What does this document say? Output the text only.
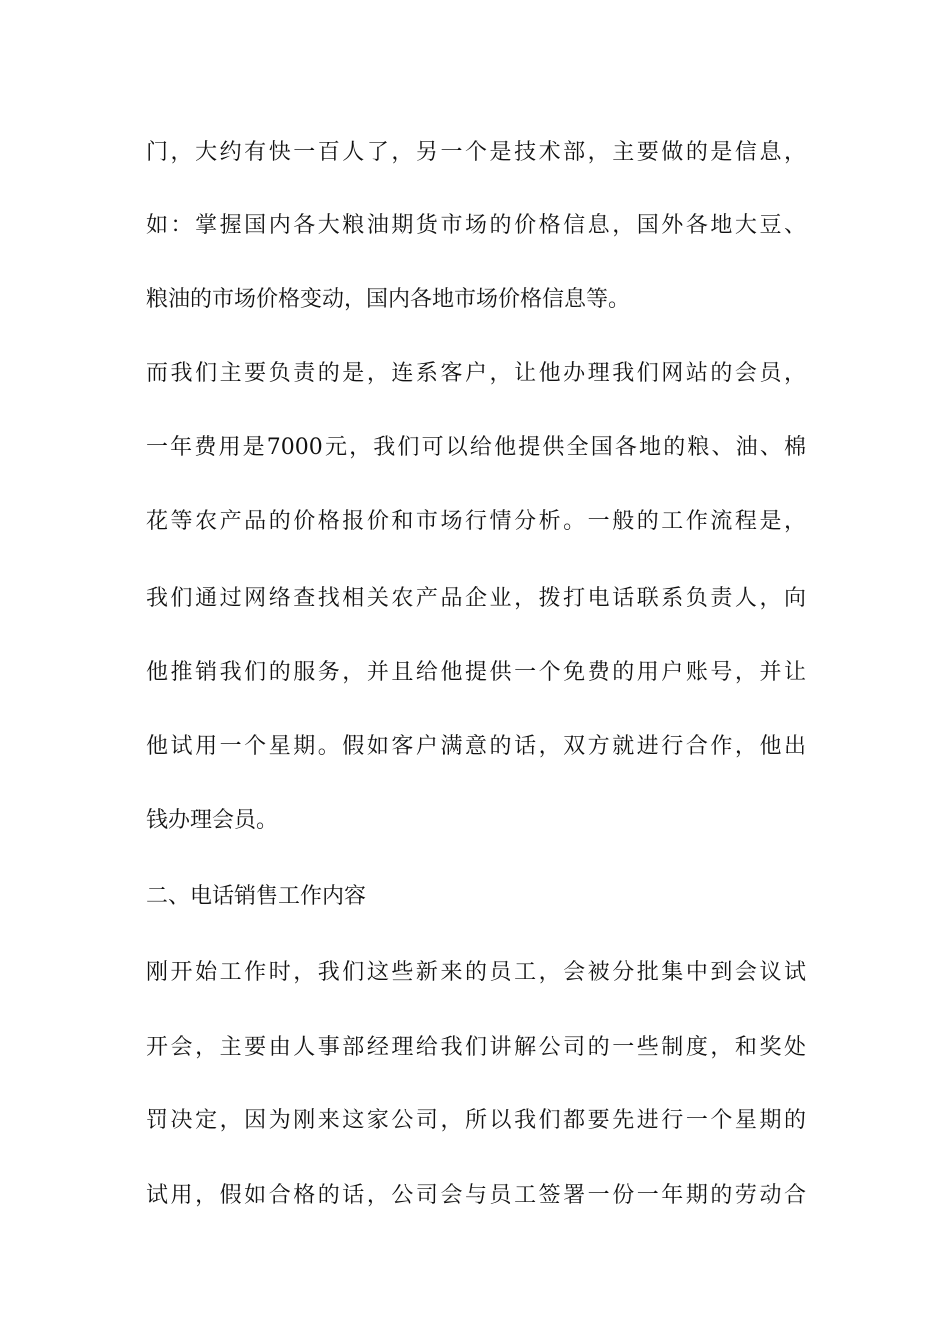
门，大约有快一百人了，另一个是技术部，主要做的是信息，
如：掌握国内各大粮油期货市场的价格信息，国外各地大豆、
粮油的市场价格变动，国内各地市场价格信息等。
而我们主要负责的是，连系客户，让他办理我们网站的会员，
一年费用是7000元，我们可以给他提供全国各地的粮、油、棉
花等农产品的价格报价和市场行情分析。一般的工作流程是，
我们通过网络查找相关农产品企业，拨打电话联系负责人，向
他推销我们的服务，并且给他提供一个免费的用户账号，并让
他试用一个星期。假如客户满意的话，双方就进行合作，他出
钱办理会员。
二、电话销售工作内容
刚开始工作时，我们这些新来的员工，会被分批集中到会议试
开会，主要由人事部经理给我们讲解公司的一些制度，和奖处
罚决定，因为刚来这家公司，所以我们都要先进行一个星期的
试用，假如合格的话，公司会与员工签署一份一年期的劳动合
